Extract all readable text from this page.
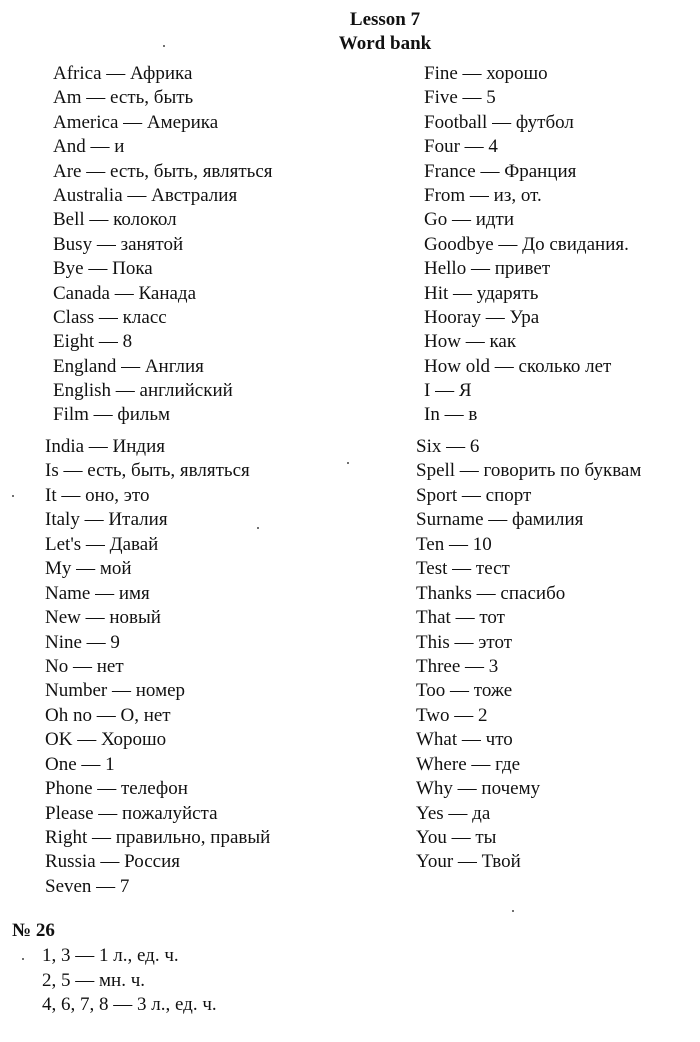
Lesson 7
Word bank
Africa — Африка
Am — есть, быть
America — Америка
And — и
Are — есть, быть, являться
Australia — Австралия
Bell — колокол
Busy — занятой
Bye — Пока
Canada — Канада
Class — класс
Eight — 8
England — Англия
English — английский
Film — фильм
Fine — хорошо
Five — 5
Football — футбол
Four — 4
France — Франция
From — из, от.
Go — идти
Goodbye — До свидания.
Hello — привет
Hit — ударять
Hooray — Ура
How — как
How old — сколько лет
I — Я
In — в
India — Индия
Is — есть, быть, являться
It — оно, это
Italy — Италия
Let's — Давай
My — мой
Name — имя
New — новый
Nine — 9
No — нет
Number — номер
Oh no — О, нет
OK — Хорошо
One — 1
Phone — телефон
Please — пожалуйста
Right — правильно, правый
Russia — Россия
Seven — 7
Six — 6
Spell — говорить по буквам
Sport — спорт
Surname — фамилия
Ten — 10
Test — тест
Thanks — спасибо
That — тот
This — этот
Three — 3
Too — тоже
Two — 2
What — что
Where — где
Why — почему
Yes — да
You — ты
Your — Твой
№ 26
1, 3 — 1 л., ед. ч.
2, 5 — мн. ч.
4, 6, 7, 8 — 3 л., ед. ч.
